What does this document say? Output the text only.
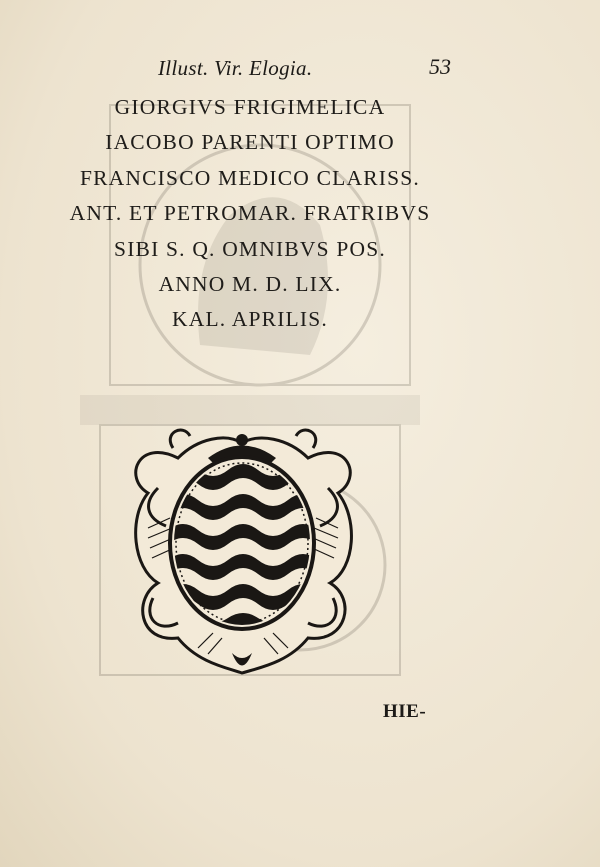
Illust. Vir. Elogia.	53
GIORGIVS FRIGIMELICA
IACOBO PARENTI OPTIMO
FRANCISCO MEDICO CLARISS.
ANT. ET PETROMAR. FRATRIBVS
SIBI S. Q. OMNIBVS POS.
ANNO M. D. LIX.
KAL. APRILIS.
HIE-
